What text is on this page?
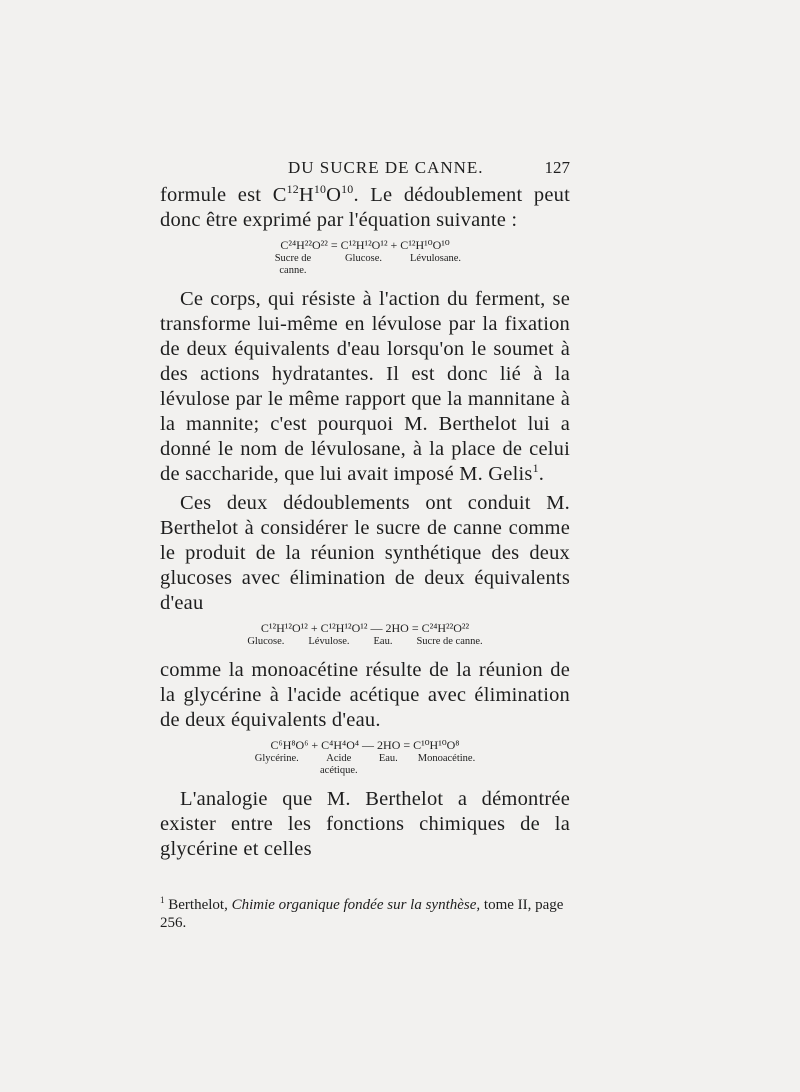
DU SUCRE DE CANNE.	127

formule est $C^{12}H^{10}O^{10}$. Le dédoublement peut donc être exprimé par l'équation suivante :

C²⁴H²²O²² = C¹²H¹²O¹² + C¹²H¹⁰O¹⁰
Sucre de canne.
Glucose.	Lévulosane.

Ce corps, qui résiste à l'action du ferment, se transforme lui-même en lévulose par la fixation de deux équivalents d'eau lorsqu'on le soumet à des actions hydratantes. Il est donc lié à la lévulose par le même rapport que la mannitane à la mannite; c'est pourquoi M. Berthelot lui a donné le nom de lévulosane, à la place de celui de saccharide, que lui avait imposé M. Gelis$^1$.

Ces deux dédoublements ont conduit M. Berthelot à considérer le sucre de canne comme le produit de la réunion synthétique des deux glucoses avec élimination de deux équivalents d'eau

C¹²H¹²O¹² + C¹²H¹²O¹² — 2HO = C²⁴H²²O²²
Glucose. Lévulose. Eau. Sucre de canne.

comme la monoacétine résulte de la réunion de la glycérine à l'acide acétique avec élimination de deux équivalents d'eau.

C⁶H⁸O⁶ + C⁴H⁴O⁴ — 2HO = C¹⁰H¹⁰O⁸
Glycérine.	Acide acétique.
Eau. Monoacétine.

L'analogie que M. Berthelot a démontrée exister entre les fonctions chimiques de la glycérine et celles

$^1$ Berthelot, Chimie organique fondée sur la synthèse, tome II, page 256.
